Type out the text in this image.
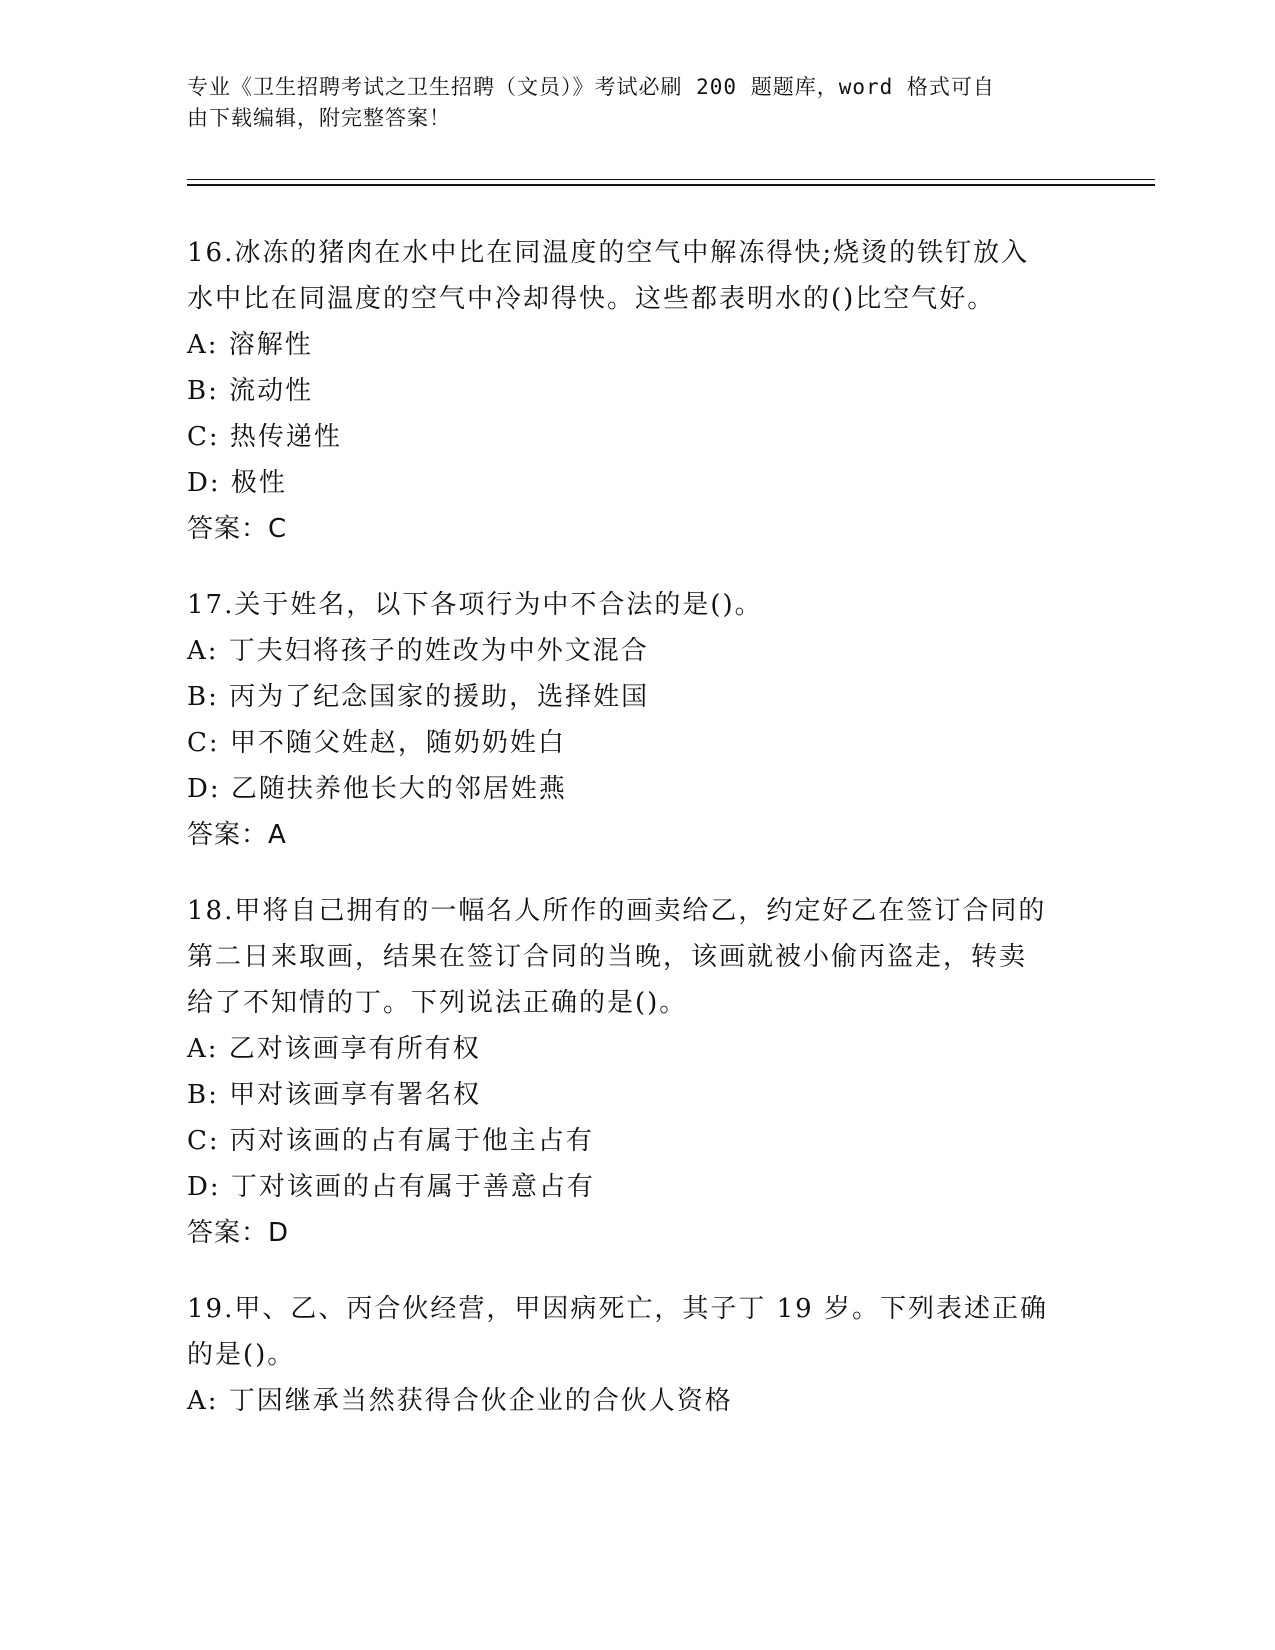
专业《卫生招聘考试之卫生招聘（文员）》考试必刷 200 题题库，word 格式可自
由下载编辑，附完整答案！

16.冰冻的猪肉在水中比在同温度的空气中解冻得快;烧烫的铁钉放入

水中比在同温度的空气中冷却得快。这些都表明水的()比空气好。

A: 溶解性

B: 流动性

C: 热传递性

D: 极性

答案：C

17.关于姓名，以下各项行为中不合法的是()。

A: 丁夫妇将孩子的姓改为中外文混合

B: 丙为了纪念国家的援助，选择姓国

C: 甲不随父姓赵，随奶奶姓白

D: 乙随扶养他长大的邻居姓燕

答案：A

18.甲将自己拥有的一幅名人所作的画卖给乙，约定好乙在签订合同的

第二日来取画，结果在签订合同的当晚，该画就被小偷丙盗走，转卖

给了不知情的丁。下列说法正确的是()。

A: 乙对该画享有所有权

B: 甲对该画享有署名权

C: 丙对该画的占有属于他主占有

D: 丁对该画的占有属于善意占有

答案：D

19.甲、乙、丙合伙经营，甲因病死亡，其子丁 19 岁。下列表述正确

的是()。

A: 丁因继承当然获得合伙企业的合伙人资格
